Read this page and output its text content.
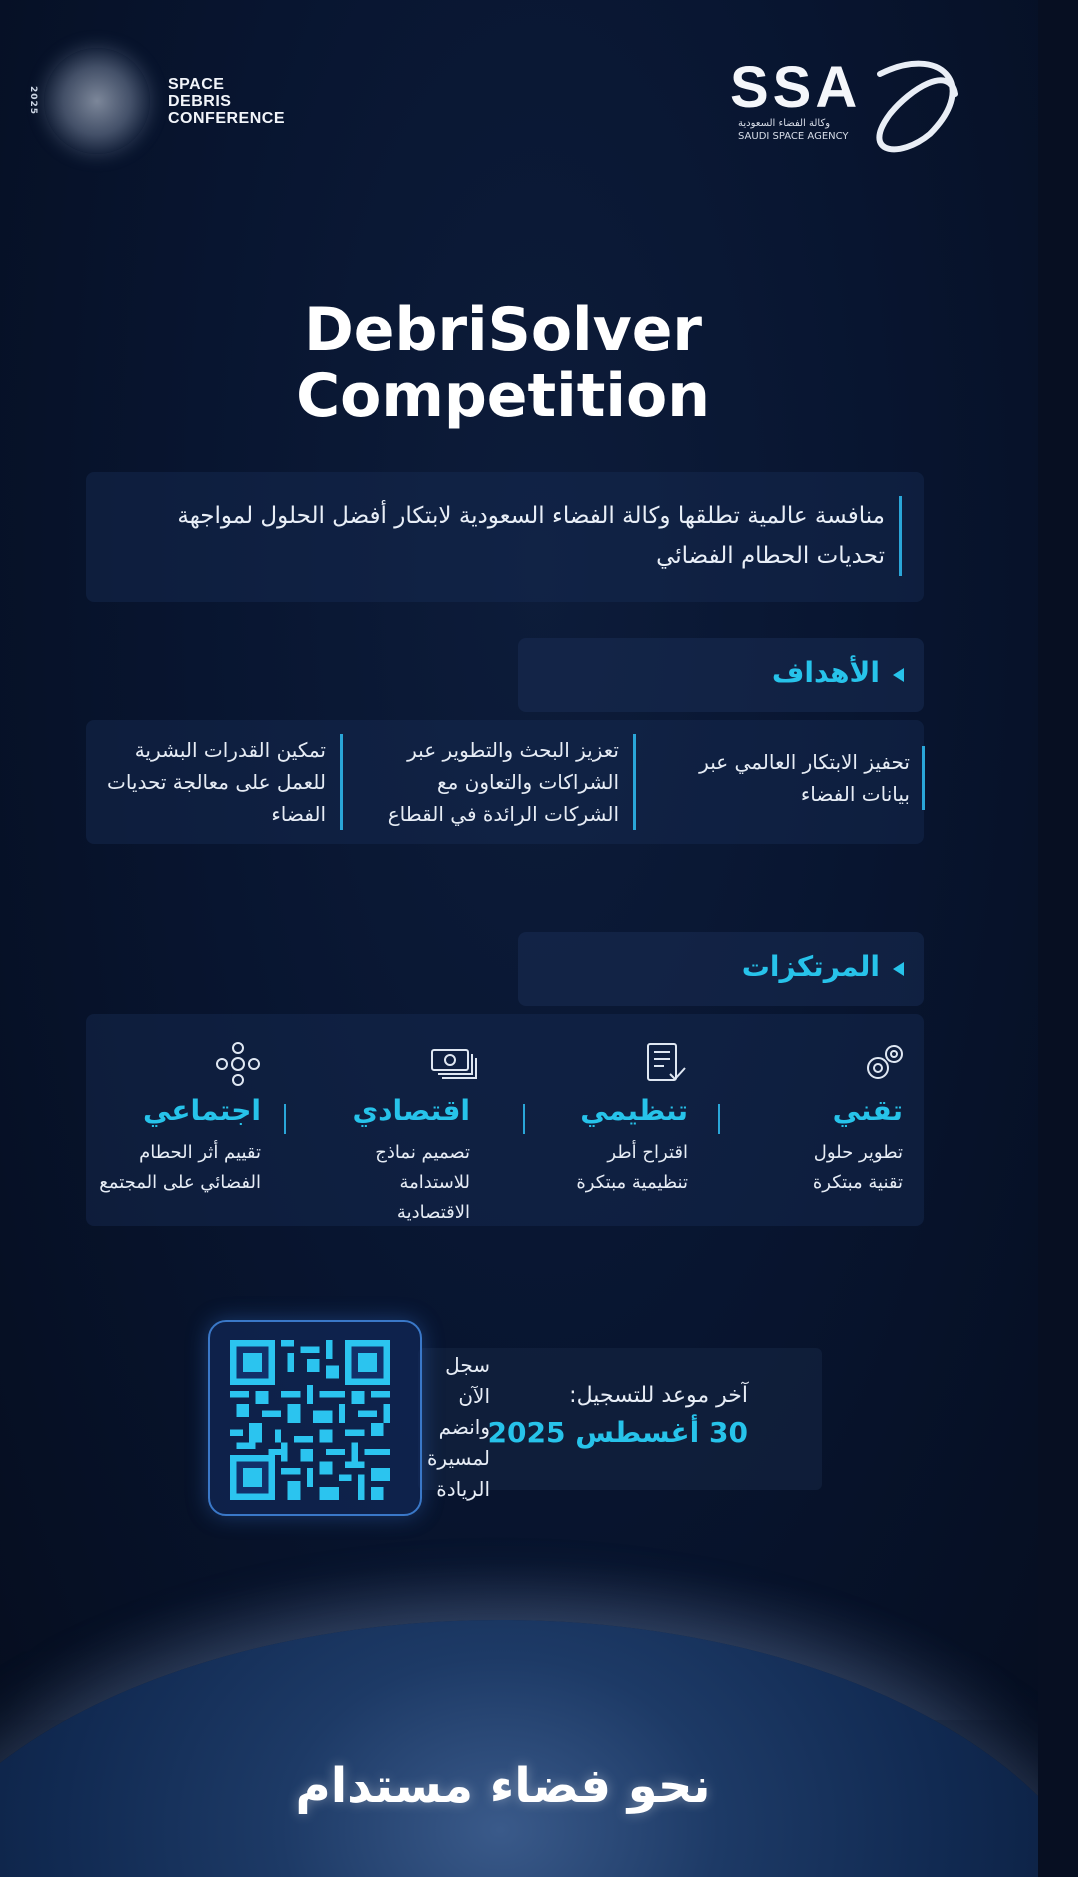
2025
SPACE
DEBRIS
CONFERENCE	SSA
وكالة الفضاء السعودية
SAUDI SPACE AGENCY
DebriSolver
Competition
منافسة عالمية تطلقها وكالة الفضاء السعودية لابتكار أفضل الحلول لمواجهة تحديات الحطام الفضائي
الأهداف
تحفيز الابتكار العالمي عبر بيانات الفضاء
تعزيز البحث والتطوير عبر الشراكات والتعاون مع الشركات الرائدة في القطاع
تمكين القدرات البشرية للعمل على معالجة تحديات الفضاء
المرتكزات
تقني
تطوير حلول
تقنية مبتكرة
تنظيمي
اقتراح أطر
تنظيمية مبتكرة
اقتصادي
تصميم نماذج
للاستدامة
الاقتصادية
اجتماعي
تقييم أثر الحطام
الفضائي على المجتمع
سجل الآن
وانضم
لمسيرة
الريادة
آخر موعد للتسجيل:
30 أغسطس 2025
نحو فضاء مستدام
